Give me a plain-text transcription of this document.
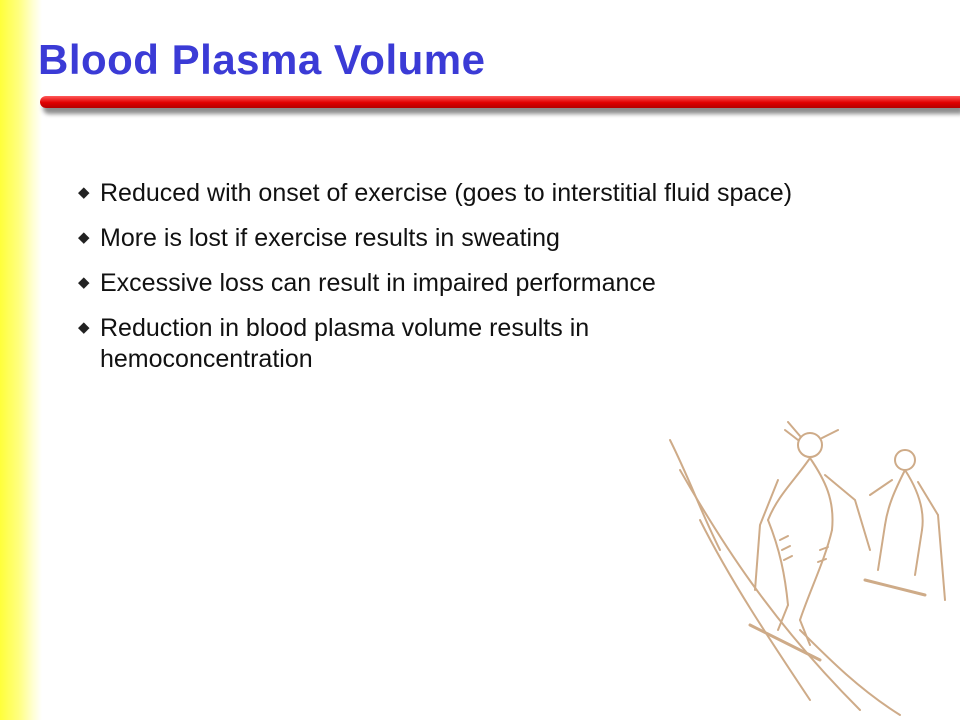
Blood Plasma Volume
◆ Reduced with onset of exercise (goes to interstitial fluid space)
◆ More is lost if exercise results in sweating
◆ Excessive loss can result in impaired performance
◆ Reduction in blood plasma volume results in hemoconcentration
